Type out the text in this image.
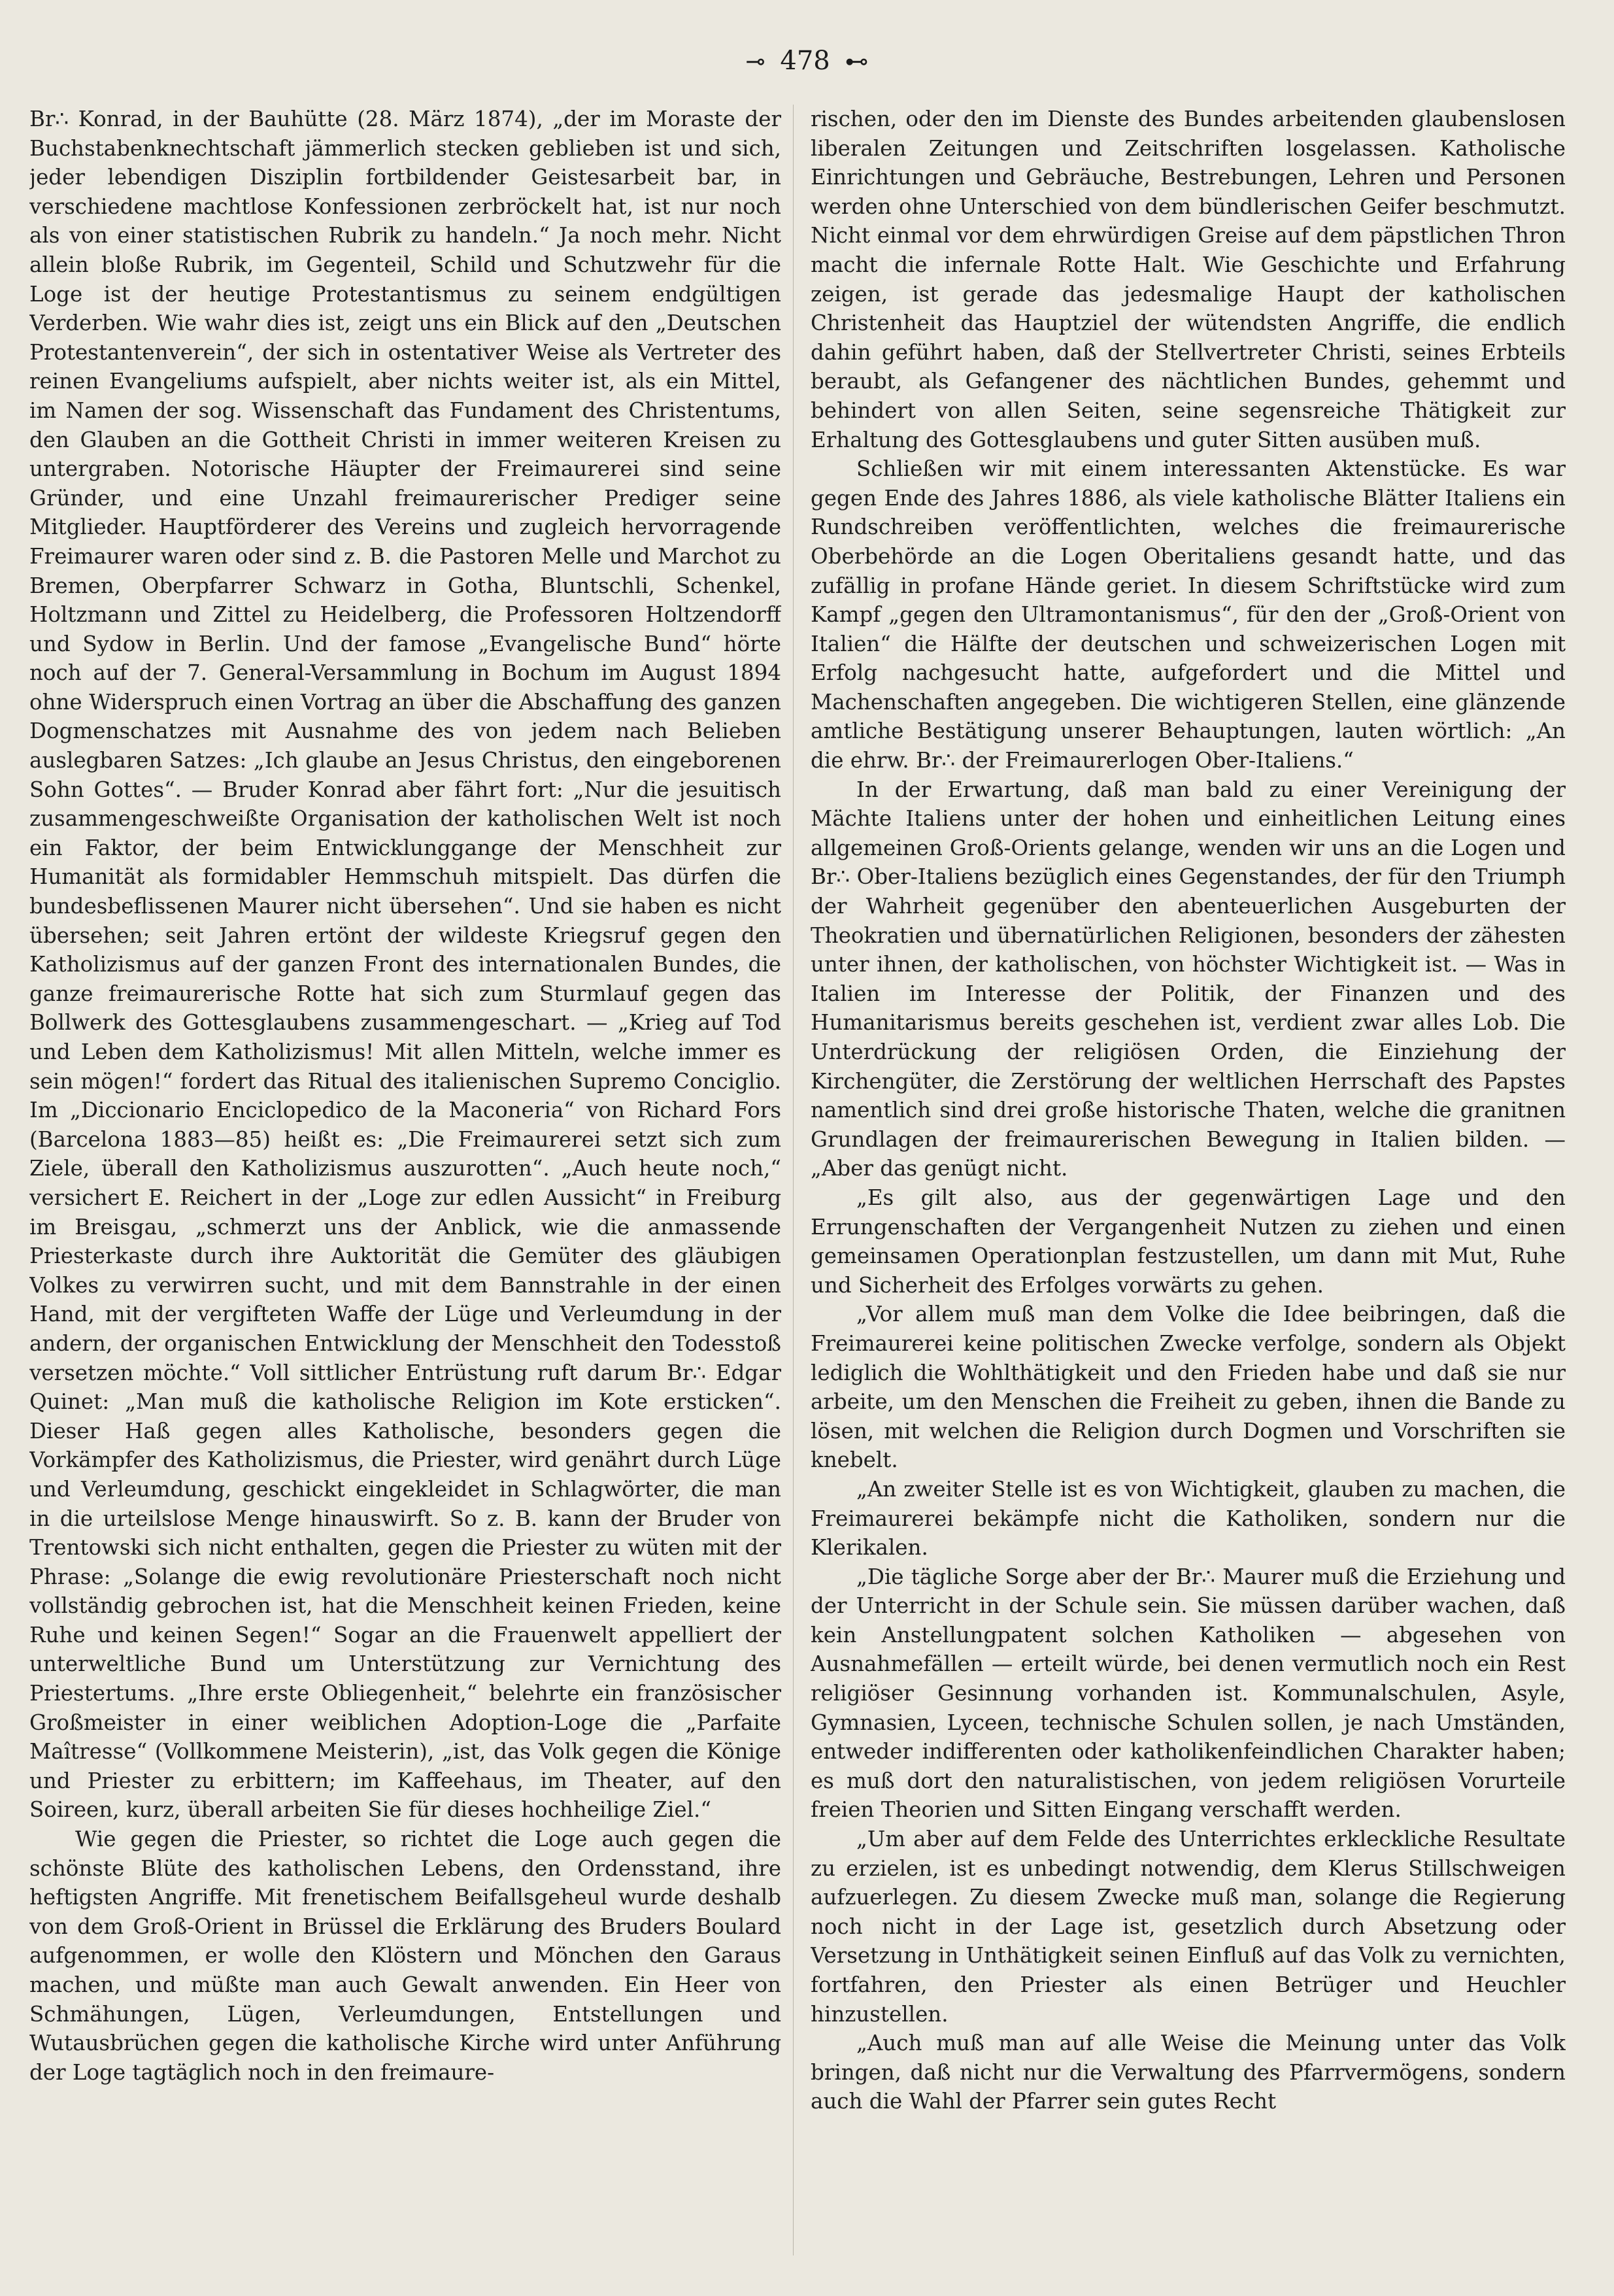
⊸ 478 ⊷

Br∴ Konrad, in der Bauhütte (28. März 1874), „der im Moraste der Buchstabenknechtschaft jämmerlich stecken geblieben ist und sich, jeder lebendigen Disziplin fortbildender Geistesarbeit bar, in verschiedene machtlose Konfessionen zerbröckelt hat, ist nur noch als von einer statistischen Rubrik zu handeln.“ Ja noch mehr. Nicht allein bloße Rubrik, im Gegenteil, Schild und Schutzwehr für die Loge ist der heutige Protestantismus zu seinem endgültigen Verderben. Wie wahr dies ist, zeigt uns ein Blick auf den „Deutschen Protestantenverein“, der sich in ostentativer Weise als Vertreter des reinen Evangeliums aufspielt, aber nichts weiter ist, als ein Mittel, im Namen der sog. Wissenschaft das Fundament des Christentums, den Glauben an die Gottheit Christi in immer weiteren Kreisen zu untergraben. Notorische Häupter der Freimaurerei sind seine Gründer, und eine Unzahl freimaurerischer Prediger seine Mitglieder. Hauptförderer des Vereins und zugleich hervorragende Freimaurer waren oder sind z. B. die Pastoren Melle und Marchot zu Bremen, Oberpfarrer Schwarz in Gotha, Bluntschli, Schenkel, Holtzmann und Zittel zu Heidelberg, die Professoren Holtzendorff und Sydow in Berlin. Und der famose „Evangelische Bund“ hörte noch auf der 7. General-Versammlung in Bochum im August 1894 ohne Widerspruch einen Vortrag an über die Abschaffung des ganzen Dogmenschatzes mit Ausnahme des von jedem nach Belieben auslegbaren Satzes: „Ich glaube an Jesus Christus, den eingeborenen Sohn Gottes“. — Bruder Konrad aber fährt fort: „Nur die jesuitisch zusammengeschweißte Organisation der katholischen Welt ist noch ein Faktor, der beim Entwicklunggange der Menschheit zur Humanität als formidabler Hemmschuh mitspielt. Das dürfen die bundesbeflissenen Maurer nicht übersehen“. Und sie haben es nicht übersehen; seit Jahren ertönt der wildeste Kriegsruf gegen den Katholizismus auf der ganzen Front des internationalen Bundes, die ganze freimaurerische Rotte hat sich zum Sturmlauf gegen das Bollwerk des Gottesglaubens zusammengeschart. — „Krieg auf Tod und Leben dem Katholizismus! Mit allen Mitteln, welche immer es sein mögen!“ fordert das Ritual des italienischen Supremo Conciglio. Im „Diccionario Enciclopedico de la Maconeria“ von Richard Fors (Barcelona 1883—85) heißt es: „Die Freimaurerei setzt sich zum Ziele, überall den Katholizismus auszurotten“. „Auch heute noch,“ versichert E. Reichert in der „Loge zur edlen Aussicht“ in Freiburg im Breisgau, „schmerzt uns der Anblick, wie die anmassende Priesterkaste durch ihre Auktorität die Gemüter des gläubigen Volkes zu verwirren sucht, und mit dem Bannstrahle in der einen Hand, mit der vergifteten Waffe der Lüge und Verleumdung in der andern, der organischen Entwicklung der Menschheit den Todesstoß versetzen möchte.“ Voll sittlicher Entrüstung ruft darum Br∴ Edgar Quinet: „Man muß die katholische Religion im Kote ersticken“. Dieser Haß gegen alles Katholische, besonders gegen die Vorkämpfer des Katholizismus, die Priester, wird genährt durch Lüge und Verleumdung, geschickt eingekleidet in Schlagwörter, die man in die urteilslose Menge hinauswirft. So z. B. kann der Bruder von Trentowski sich nicht enthalten, gegen die Priester zu wüten mit der Phrase: „Solange die ewig revolutionäre Priesterschaft noch nicht vollständig gebrochen ist, hat die Menschheit keinen Frieden, keine Ruhe und keinen Segen!“ Sogar an die Frauenwelt appelliert der unterweltliche Bund um Unterstützung zur Vernichtung des Priestertums. „Ihre erste Obliegenheit,“ belehrte ein französischer Großmeister in einer weiblichen Adoption-Loge die „Parfaite Maîtresse“ (Vollkommene Meisterin), „ist, das Volk gegen die Könige und Priester zu erbittern; im Kaffeehaus, im Theater, auf den Soireen, kurz, überall arbeiten Sie für dieses hochheilige Ziel.“

Wie gegen die Priester, so richtet die Loge auch gegen die schönste Blüte des katholischen Lebens, den Ordensstand, ihre heftigsten Angriffe. Mit frenetischem Beifallsgeheul wurde deshalb von dem Groß-Orient in Brüssel die Erklärung des Bruders Boulard aufgenommen, er wolle den Klöstern und Mönchen den Garaus machen, und müßte man auch Gewalt anwenden. Ein Heer von Schmähungen, Lügen, Verleumdungen, Entstellungen und Wutausbrüchen gegen die katholische Kirche wird unter Anführung der Loge tagtäglich noch in den freimaure-

rischen, oder den im Dienste des Bundes arbeitenden glaubenslosen liberalen Zeitungen und Zeitschriften losgelassen. Katholische Einrichtungen und Gebräuche, Bestrebungen, Lehren und Personen werden ohne Unterschied von dem bündlerischen Geifer beschmutzt. Nicht einmal vor dem ehrwürdigen Greise auf dem päpstlichen Thron macht die infernale Rotte Halt. Wie Geschichte und Erfahrung zeigen, ist gerade das jedesmalige Haupt der katholischen Christenheit das Hauptziel der wütendsten Angriffe, die endlich dahin geführt haben, daß der Stellvertreter Christi, seines Erbteils beraubt, als Gefangener des nächtlichen Bundes, gehemmt und behindert von allen Seiten, seine segensreiche Thätigkeit zur Erhaltung des Gottesglaubens und guter Sitten ausüben muß.

Schließen wir mit einem interessanten Aktenstücke. Es war gegen Ende des Jahres 1886, als viele katholische Blätter Italiens ein Rundschreiben veröffentlichten, welches die freimaurerische Oberbehörde an die Logen Oberitaliens gesandt hatte, und das zufällig in profane Hände geriet. In diesem Schriftstücke wird zum Kampf „gegen den Ultramontanismus“, für den der „Groß-Orient von Italien“ die Hälfte der deutschen und schweizerischen Logen mit Erfolg nachgesucht hatte, aufgefordert und die Mittel und Machenschaften angegeben. Die wichtigeren Stellen, eine glänzende amtliche Bestätigung unserer Behauptungen, lauten wörtlich: „An die ehrw. Br∴ der Freimaurerlogen Ober-Italiens.“

In der Erwartung, daß man bald zu einer Vereinigung der Mächte Italiens unter der hohen und einheitlichen Leitung eines allgemeinen Groß-Orients gelange, wenden wir uns an die Logen und Br∴ Ober-Italiens bezüglich eines Gegenstandes, der für den Triumph der Wahrheit gegenüber den abenteuerlichen Ausgeburten der Theokratien und übernatürlichen Religionen, besonders der zähesten unter ihnen, der katholischen, von höchster Wichtigkeit ist. — Was in Italien im Interesse der Politik, der Finanzen und des Humanitarismus bereits geschehen ist, verdient zwar alles Lob. Die Unterdrückung der religiösen Orden, die Einziehung der Kirchengüter, die Zerstörung der weltlichen Herrschaft des Papstes namentlich sind drei große historische Thaten, welche die granitnen Grundlagen der freimaurerischen Bewegung in Italien bilden. — „Aber das genügt nicht.

„Es gilt also, aus der gegenwärtigen Lage und den Errungenschaften der Vergangenheit Nutzen zu ziehen und einen gemeinsamen Operationplan festzustellen, um dann mit Mut, Ruhe und Sicherheit des Erfolges vorwärts zu gehen.

„Vor allem muß man dem Volke die Idee beibringen, daß die Freimaurerei keine politischen Zwecke verfolge, sondern als Objekt lediglich die Wohlthätigkeit und den Frieden habe und daß sie nur arbeite, um den Menschen die Freiheit zu geben, ihnen die Bande zu lösen, mit welchen die Religion durch Dogmen und Vorschriften sie knebelt.

„An zweiter Stelle ist es von Wichtigkeit, glauben zu machen, die Freimaurerei bekämpfe nicht die Katholiken, sondern nur die Klerikalen.

„Die tägliche Sorge aber der Br∴ Maurer muß die Erziehung und der Unterricht in der Schule sein. Sie müssen darüber wachen, daß kein Anstellungpatent solchen Katholiken — abgesehen von Ausnahmefällen — erteilt würde, bei denen vermutlich noch ein Rest religiöser Gesinnung vorhanden ist. Kommunalschulen, Asyle, Gymnasien, Lyceen, technische Schulen sollen, je nach Umständen, entweder indifferenten oder katholikenfeindlichen Charakter haben; es muß dort den naturalistischen, von jedem religiösen Vorurteile freien Theorien und Sitten Eingang verschafft werden.

„Um aber auf dem Felde des Unterrichtes erkleckliche Resultate zu erzielen, ist es unbedingt notwendig, dem Klerus Stillschweigen aufzuerlegen. Zu diesem Zwecke muß man, solange die Regierung noch nicht in der Lage ist, gesetzlich durch Absetzung oder Versetzung in Unthätigkeit seinen Einfluß auf das Volk zu vernichten, fortfahren, den Priester als einen Betrüger und Heuchler hinzustellen.

„Auch muß man auf alle Weise die Meinung unter das Volk bringen, daß nicht nur die Verwaltung des Pfarrvermögens, sondern auch die Wahl der Pfarrer sein gutes Recht
